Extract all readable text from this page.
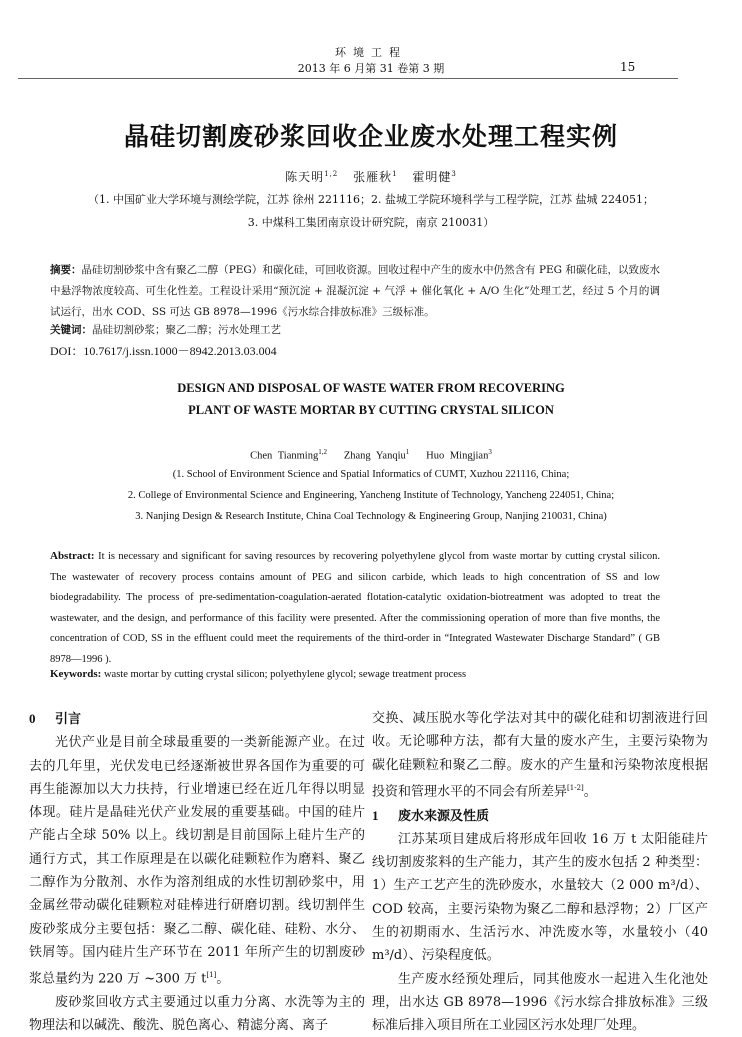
环境工程
2013 年 6 月第 31 卷第 3 期	15
晶硅切割废砂浆回收企业废水处理工程实例
陈天明$^{1,2}$ 张雁秋$^1$ 霍明健$^3$
（1. 中国矿业大学环境与测绘学院，江苏 徐州 221116；2. 盐城工学院环境科学与工程学院，江苏 盐城 224051；
3. 中煤科工集团南京设计研究院，南京 210031）
摘要：晶硅切割砂浆中含有聚乙二醇（PEG）和碳化硅，可回收资源。回收过程中产生的废水中仍然含有 PEG 和碳化硅，以致废水中悬浮物浓度较高、可生化性差。工程设计采用“预沉淀 + 混凝沉淀 + 气浮 + 催化氧化 + A/O 生化”处理工艺，经过 5 个月的调试运行，出水 COD、SS 可达 GB 8978—1996《污水综合排放标准》三级标准。
关键词：晶硅切割砂浆；聚乙二醇；污水处理工艺
DOI：10.7617/j.issn.1000－8942.2013.03.004
DESIGN AND DISPOSAL OF WASTE WATER FROM RECOVERING
PLANT OF WASTE MORTAR BY CUTTING CRYSTAL SILICON
Chen Tianming$^{1,2}$ Zhang Yanqiu$^1$ Huo Mingjian$^3$
(1. School of Environment Science and Spatial Informatics of CUMT, Xuzhou 221116, China;
2. College of Environmental Science and Engineering, Yancheng Institute of Technology, Yancheng 224051, China;
3. Nanjing Design & Research Institute, China Coal Technology & Engineering Group, Nanjing 210031, China)
Abstract: It is necessary and significant for saving resources by recovering polyethylene glycol from waste mortar by cutting crystal silicon. The wastewater of recovery process contains amount of PEG and silicon carbide, which leads to high concentration of SS and low biodegradability. The process of pre-sedimentation-coagulation-aerated flotation-catalytic oxidation-biotreatment was adopted to treat the wastewater, and the design, and performance of this facility were presented. After the commissioning operation of more than five months, the concentration of COD, SS in the effluent could meet the requirements of the third-order in “Integrated Wastewater Discharge Standard” ( GB 8978—1996 ).
Keywords: waste mortar by cutting crystal silicon; polyethylene glycol; sewage treatment process
0 引言

光伏产业是目前全球最重要的一类新能源产业。在过去的几年里，光伏发电已经逐渐被世界各国作为重要的可再生能源加以大力扶持，行业增速已经在近几年得以明显体现。硅片是晶硅光伏产业发展的重要基础。中国的硅片产能占全球 50% 以上。线切割是目前国际上硅片生产的通行方式，其工作原理是在以碳化硅颗粒作为磨料、聚乙二醇作为分散剂、水作为溶剂组成的水性切割砂浆中，用金属丝带动碳化硅颗粒对硅棒进行研磨切割。线切割伴生废砂浆成分主要包括：聚乙二醇、碳化硅、硅粉、水分、铁屑等。国内硅片生产环节在 2011 年所产生的切割废砂浆总量约为 220 万 ~300 万 t[1]。

废砂浆回收方式主要通过以重力分离、水洗等为主的物理法和以碱洗、酸洗、脱色离心、精滤分离、离子

交换、减压脱水等化学法对其中的碳化硅和切割液进行回收。无论哪种方法，都有大量的废水产生，主要污染物为碳化硅颗粒和聚乙二醇。废水的产生量和污染物浓度根据投资和管理水平的不同会有所差异[1-2]。

1 废水来源及性质

江苏某项目建成后将形成年回收 16 万 t 太阳能硅片线切割废浆料的生产能力，其产生的废水包括 2 种类型：1）生产工艺产生的洗砂废水，水量较大（2 000 m³/d）、COD 较高，主要污染物为聚乙二醇和悬浮物；2）厂区产生的初期雨水、生活污水、冲洗废水等，水量较小（40 m³/d）、污染程度低。

生产废水经预处理后，同其他废水一起进入生化池处理，出水达 GB 8978—1996《污水综合排放标准》三级标准后排入项目所在工业园区污水处理厂处理。
